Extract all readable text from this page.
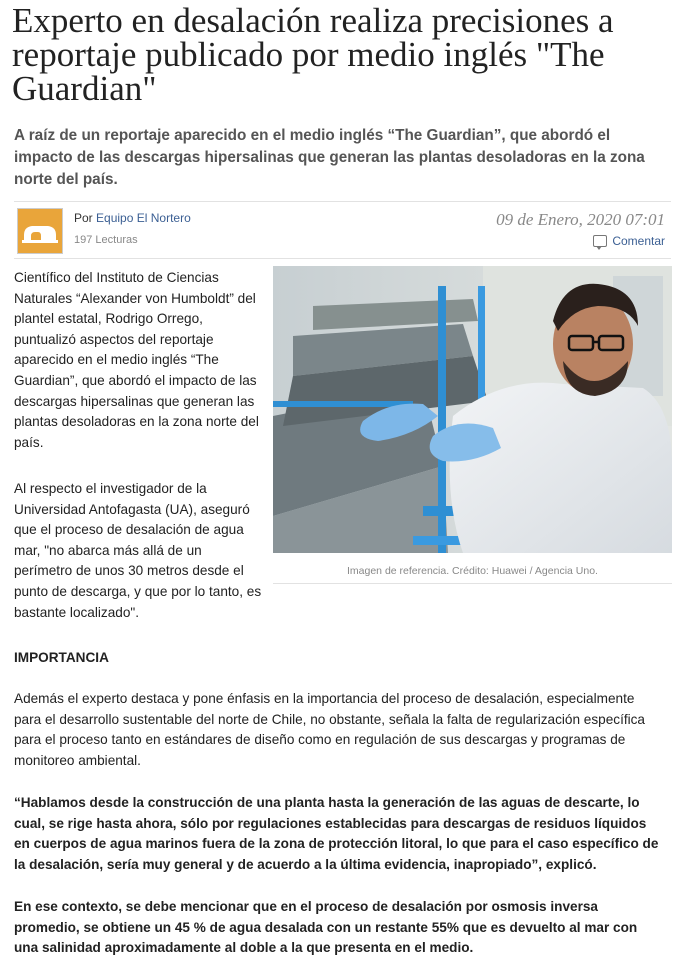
Experto en desalación realiza precisiones a reportaje publicado por medio inglés "The Guardian"

A raíz de un reportaje aparecido en el medio inglés “The Guardian”, que abordó el impacto de las descargas hipersalinas que generan las plantas desoladoras en la zona norte del país.

Por Equipo El Nortero
197 Lecturas
09 de Enero, 2020 07:01
Comentar

Científico del Instituto de Ciencias Naturales “Alexander von Humboldt” del plantel estatal, Rodrigo Orrego, puntualizó aspectos del reportaje aparecido en el medio inglés “The Guardian”, que abordó el impacto de las descargas hipersalinas que generan las plantas desoladoras en la zona norte del país.

Al respecto el investigador de la Universidad Antofagasta (UA), aseguró que el proceso de desalación de agua mar, "no abarca más allá de un perímetro de unos 30 metros desde el punto de descarga, y que por lo tanto, es bastante localizado".

Imagen de referencia. Crédito: Huawei / Agencia Uno.

IMPORTANCIA

Además el experto destaca y pone énfasis en la importancia del proceso de desalación, especialmente para el desarrollo sustentable del norte de Chile, no obstante, señala la falta de regularización específica para el proceso tanto en estándares de diseño como en regulación de sus descargas y programas de monitoreo ambiental.

“Hablamos desde la construcción de una planta hasta la generación de las aguas de descarte, lo cual, se rige hasta ahora, sólo por regulaciones establecidas para descargas de residuos líquidos en cuerpos de agua marinos fuera de la zona de protección litoral, lo que para el caso específico de la desalación, sería muy general y de acuerdo a la última evidencia, inapropiado”, explicó.

En ese contexto, se debe mencionar que en el proceso de desalación por osmosis inversa promedio, se obtiene un 45 % de agua desalada con un restante 55% que es devuelto al mar con una salinidad aproximadamente al doble a la que presenta en el medio.
